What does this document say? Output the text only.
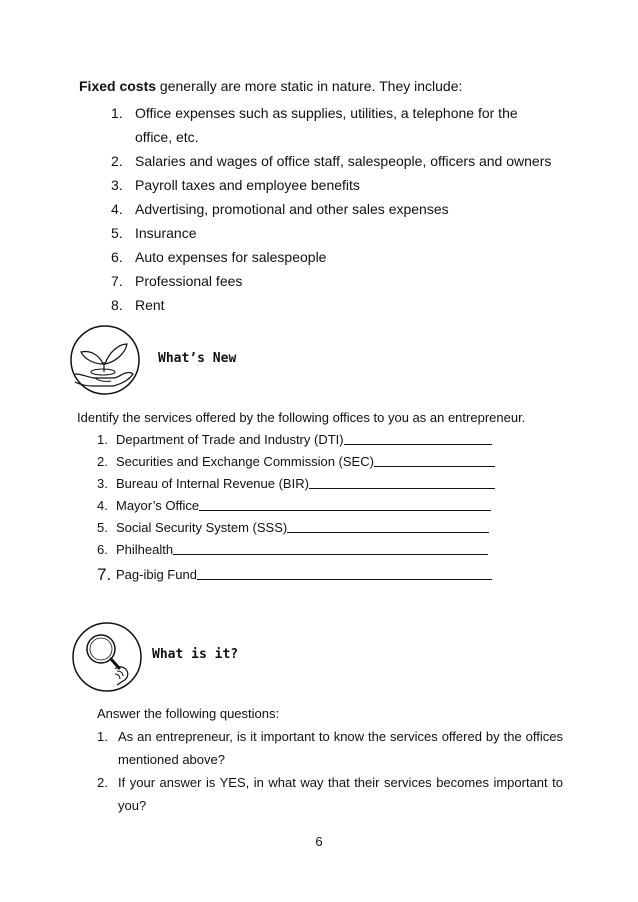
Fixed costs generally are more static in nature. They include:
1. Office expenses such as supplies, utilities, a telephone for the
office, etc.
2. Salaries and wages of office staff, salespeople, officers and owners
3. Payroll taxes and employee benefits
4. Advertising, promotional and other sales expenses
5. Insurance
6. Auto expenses for salespeople
7. Professional fees
8. Rent
What’s New
Identify the services offered by the following offices to you as an entrepreneur.
1. Department of Trade and Industry (DTI)
2. Securities and Exchange Commission (SEC)
3. Bureau of Internal Revenue (BIR)
4. Mayor’s Office
5. Social Security System (SSS)
6. Philhealth
7. Pag-ibig Fund
What is it?
Answer the following questions:
1. As an entrepreneur, is it important to know the services offered by the offices mentioned above?
2. If your answer is YES, in what way that their services becomes important to you?
6
